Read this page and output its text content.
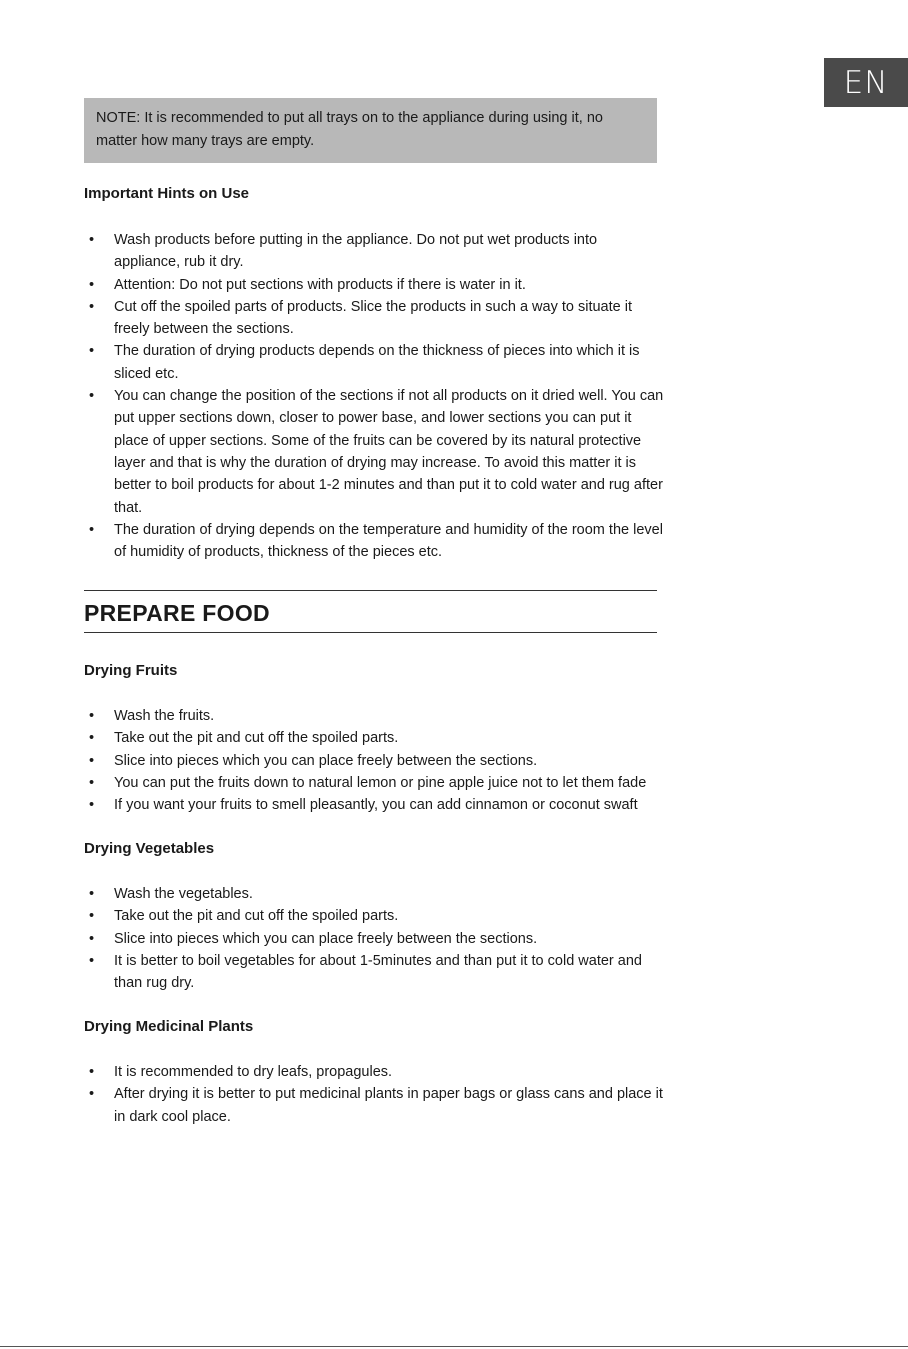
EN
NOTE: It is recommended to put all trays on to the appliance during using it, no matter how many trays are empty.
Important Hints on Use
• Wash products before putting in the appliance. Do not put wet products into appliance, rub it dry.
• Attention: Do not put sections with products if there is water in it.
• Cut off the spoiled parts of products. Slice the products in such a way to situate it freely between the sections.
• The duration of drying products depends on the thickness of pieces into which it is sliced etc.
• You can change the position of the sections if not all products on it dried well. You can put upper sections down, closer to power base, and lower sections you can put it place of upper sections. Some of the fruits can be covered by its natural protective layer and that is why the duration of drying may increase. To avoid this matter it is better to boil products for about 1-2 minutes and than put it to cold water and rug after that.
• The duration of drying depends on the temperature and humidity of the room the level of humidity of products, thickness of the pieces etc.
PREPARE FOOD
Drying Fruits
• Wash the fruits.
• Take out the pit and cut off the spoiled parts.
• Slice into pieces which you can place freely between the sections.
• You can put the fruits down to natural lemon or pine apple juice not to let them fade
• If you want your fruits to smell pleasantly, you can add cinnamon or coconut swaft
Drying Vegetables
• Wash the vegetables.
• Take out the pit and cut off the spoiled parts.
• Slice into pieces which you can place freely between the sections.
• It is better to boil vegetables for about 1-5minutes and than put it to cold water and than rug dry.
Drying Medicinal Plants
• It is recommended to dry leafs, propagules.
• After drying it is better to put medicinal plants in paper bags or glass cans and place it in dark cool place.
